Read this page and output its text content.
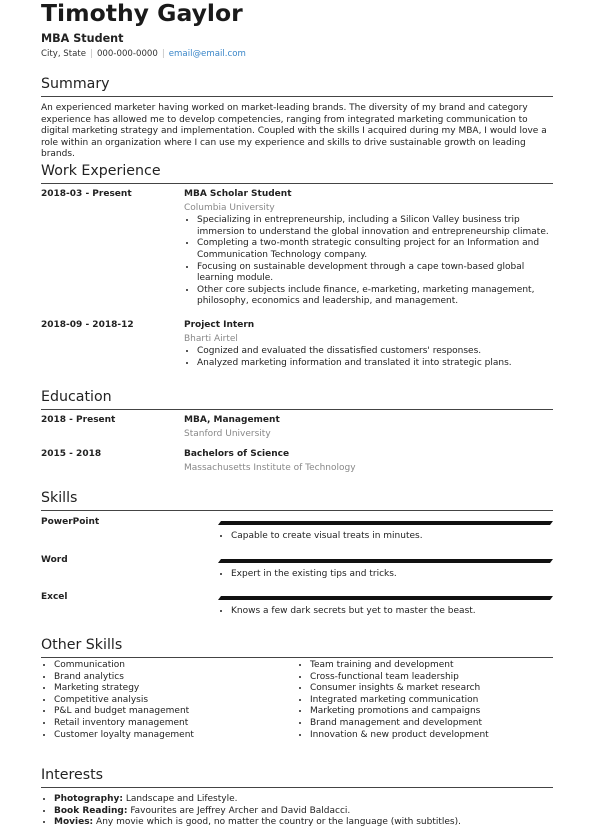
Timothy Gaylor
MBA Student
City, State | 000-000-0000 | email@email.com
Summary
An experienced marketer having worked on market-leading brands. The diversity of my brand and category experience has allowed me to develop competencies, ranging from integrated marketing communication to digital marketing strategy and implementation. Coupled with the skills I acquired during my MBA, I would love a role within an organization where I can use my experience and skills to drive sustainable growth on leading brands.
Work Experience
2018-03 - Present	MBA Scholar Student
Columbia University
• Specializing in entrepreneurship, including a Silicon Valley business trip immersion to understand the global innovation and entrepreneurship climate.
• Completing a two-month strategic consulting project for an Information and Communication Technology company.
• Focusing on sustainable development through a cape town-based global learning module.
• Other core subjects include finance, e-marketing, marketing management, philosophy, economics and leadership, and management.
2018-09 - 2018-12	Project Intern
Bharti Airtel
• Cognized and evaluated the dissatisfied customers' responses.
• Analyzed marketing information and translated it into strategic plans.
Education
2018 - Present	MBA, Management
Stanford University
2015 - 2018	Bachelors of Science
Massachusetts Institute of Technology
Skills
PowerPoint
• Capable to create visual treats in minutes.
Word
• Expert in the existing tips and tricks.
Excel
• Knows a few dark secrets but yet to master the beast.
Other Skills
• Communication
• Brand analytics
• Marketing strategy
• Competitive analysis
• P&L and budget management
• Retail inventory management
• Customer loyalty management
• Team training and development
• Cross-functional team leadership
• Consumer insights & market research
• Integrated marketing communication
• Marketing promotions and campaigns
• Brand management and development
• Innovation & new product development
Interests
• Photography: Landscape and Lifestyle.
• Book Reading: Favourites are Jeffrey Archer and David Baldacci.
• Movies: Any movie which is good, no matter the country or the language (with subtitles).
